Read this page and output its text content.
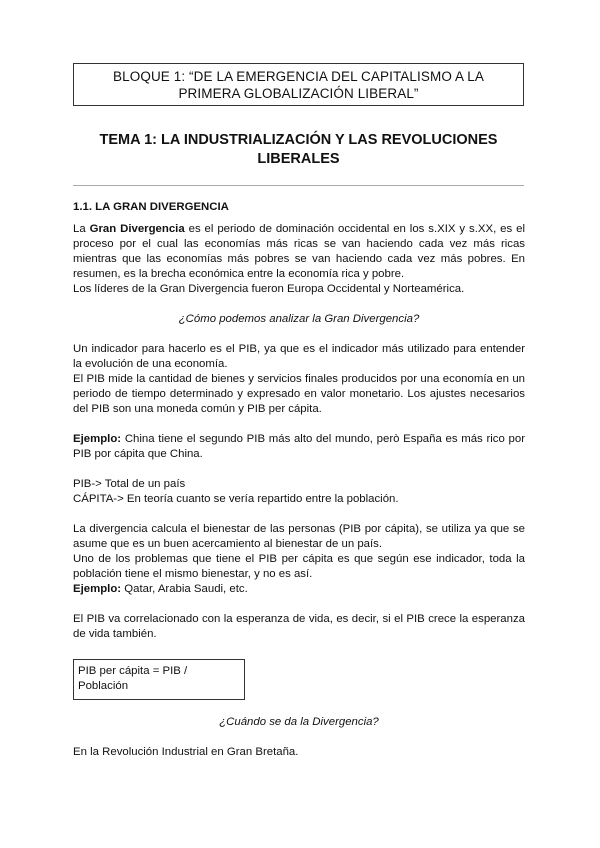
BLOQUE 1: “DE LA EMERGENCIA DEL CAPITALISMO A LA
PRIMERA GLOBALIZACIÓN LIBERAL”
TEMA 1: LA INDUSTRIALIZACIÓN Y LAS REVOLUCIONES
LIBERALES

1.1. LA GRAN DIVERGENCIA

La Gran Divergencia es el periodo de dominación occidental en los s.XIX y s.XX, es el proceso por el cual las economías más ricas se van haciendo cada vez más ricas mientras que las economías más pobres se van haciendo cada vez más pobres. En resumen, es la brecha económica entre la economía rica y pobre.

Los líderes de la Gran Divergencia fueron Europa Occidental y Norteamérica.

¿Cómo podemos analizar la Gran Divergencia?

Un indicador para hacerlo es el PIB, ya que es el indicador más utilizado para entender la evolución de una economía.

El PIB mide la cantidad de bienes y servicios finales producidos por una economía en un periodo de tiempo determinado y expresado en valor monetario. Los ajustes necesarios del PIB son una moneda común y PIB per cápita.

Ejemplo: China tiene el segundo PIB más alto del mundo, però España es más rico por PIB por cápita que China.

PIB-> Total de un país

CÁPITA-> En teoría cuanto se vería repartido entre la población.

La divergencia calcula el bienestar de las personas (PIB por cápita), se utiliza ya que se asume que es un buen acercamiento al bienestar de un país.

Uno de los problemas que tiene el PIB per cápita es que según ese indicador, toda la población tiene el mismo bienestar, y no es así.

Ejemplo: Qatar, Arabia Saudi, etc.

El PIB va correlacionado con la esperanza de vida, es decir, si el PIB crece la esperanza de vida también.

PIB per cápita = PIB / Población

¿Cuándo se da la Divergencia?

En la Revolución Industrial en Gran Bretaña.
